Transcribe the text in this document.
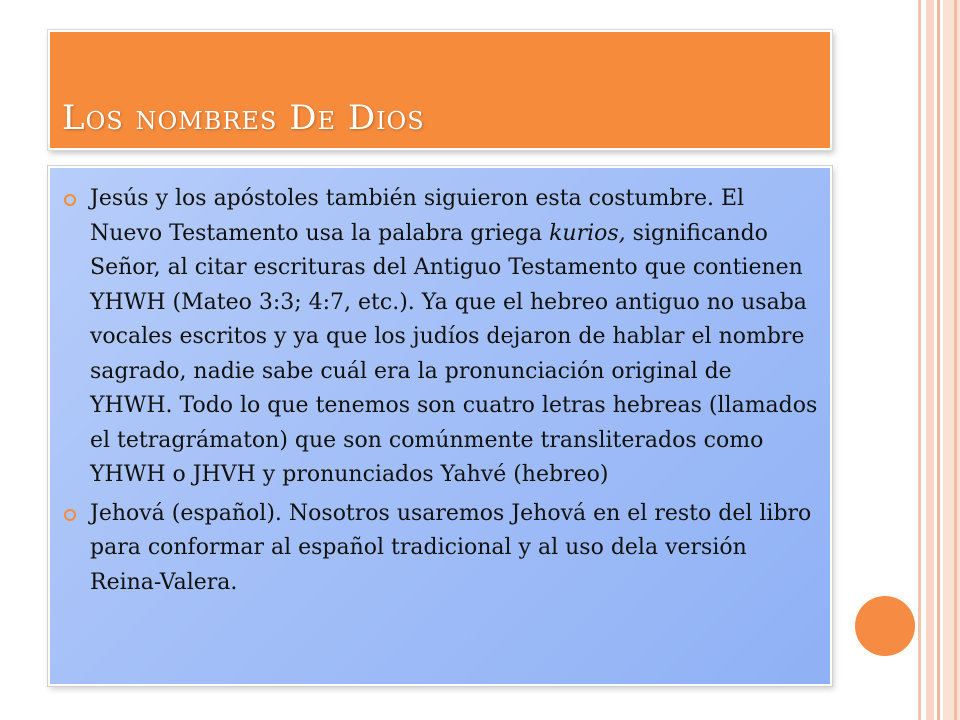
Los nombres De Dios
Jesús y los apóstoles también siguieron esta costumbre. El Nuevo Testamento usa la palabra griega kurios, significando Señor, al citar escrituras del Antiguo Testamento que contienen YHWH (Mateo 3:3; 4:7, etc.). Ya que el hebreo antiguo no usaba vocales escritos y ya que los judíos dejaron de hablar el nombre sagrado, nadie sabe cuál era la pronunciación original de YHWH. Todo lo que tenemos son cuatro letras hebreas (llamados el tetragrámaton) que son comúnmente transliterados como YHWH o JHVH y pronunciados Yahvé (hebreo)
Jehová (español). Nosotros usaremos Jehová en el resto del libro para conformar al español tradicional y al uso dela versión Reina-Valera.
